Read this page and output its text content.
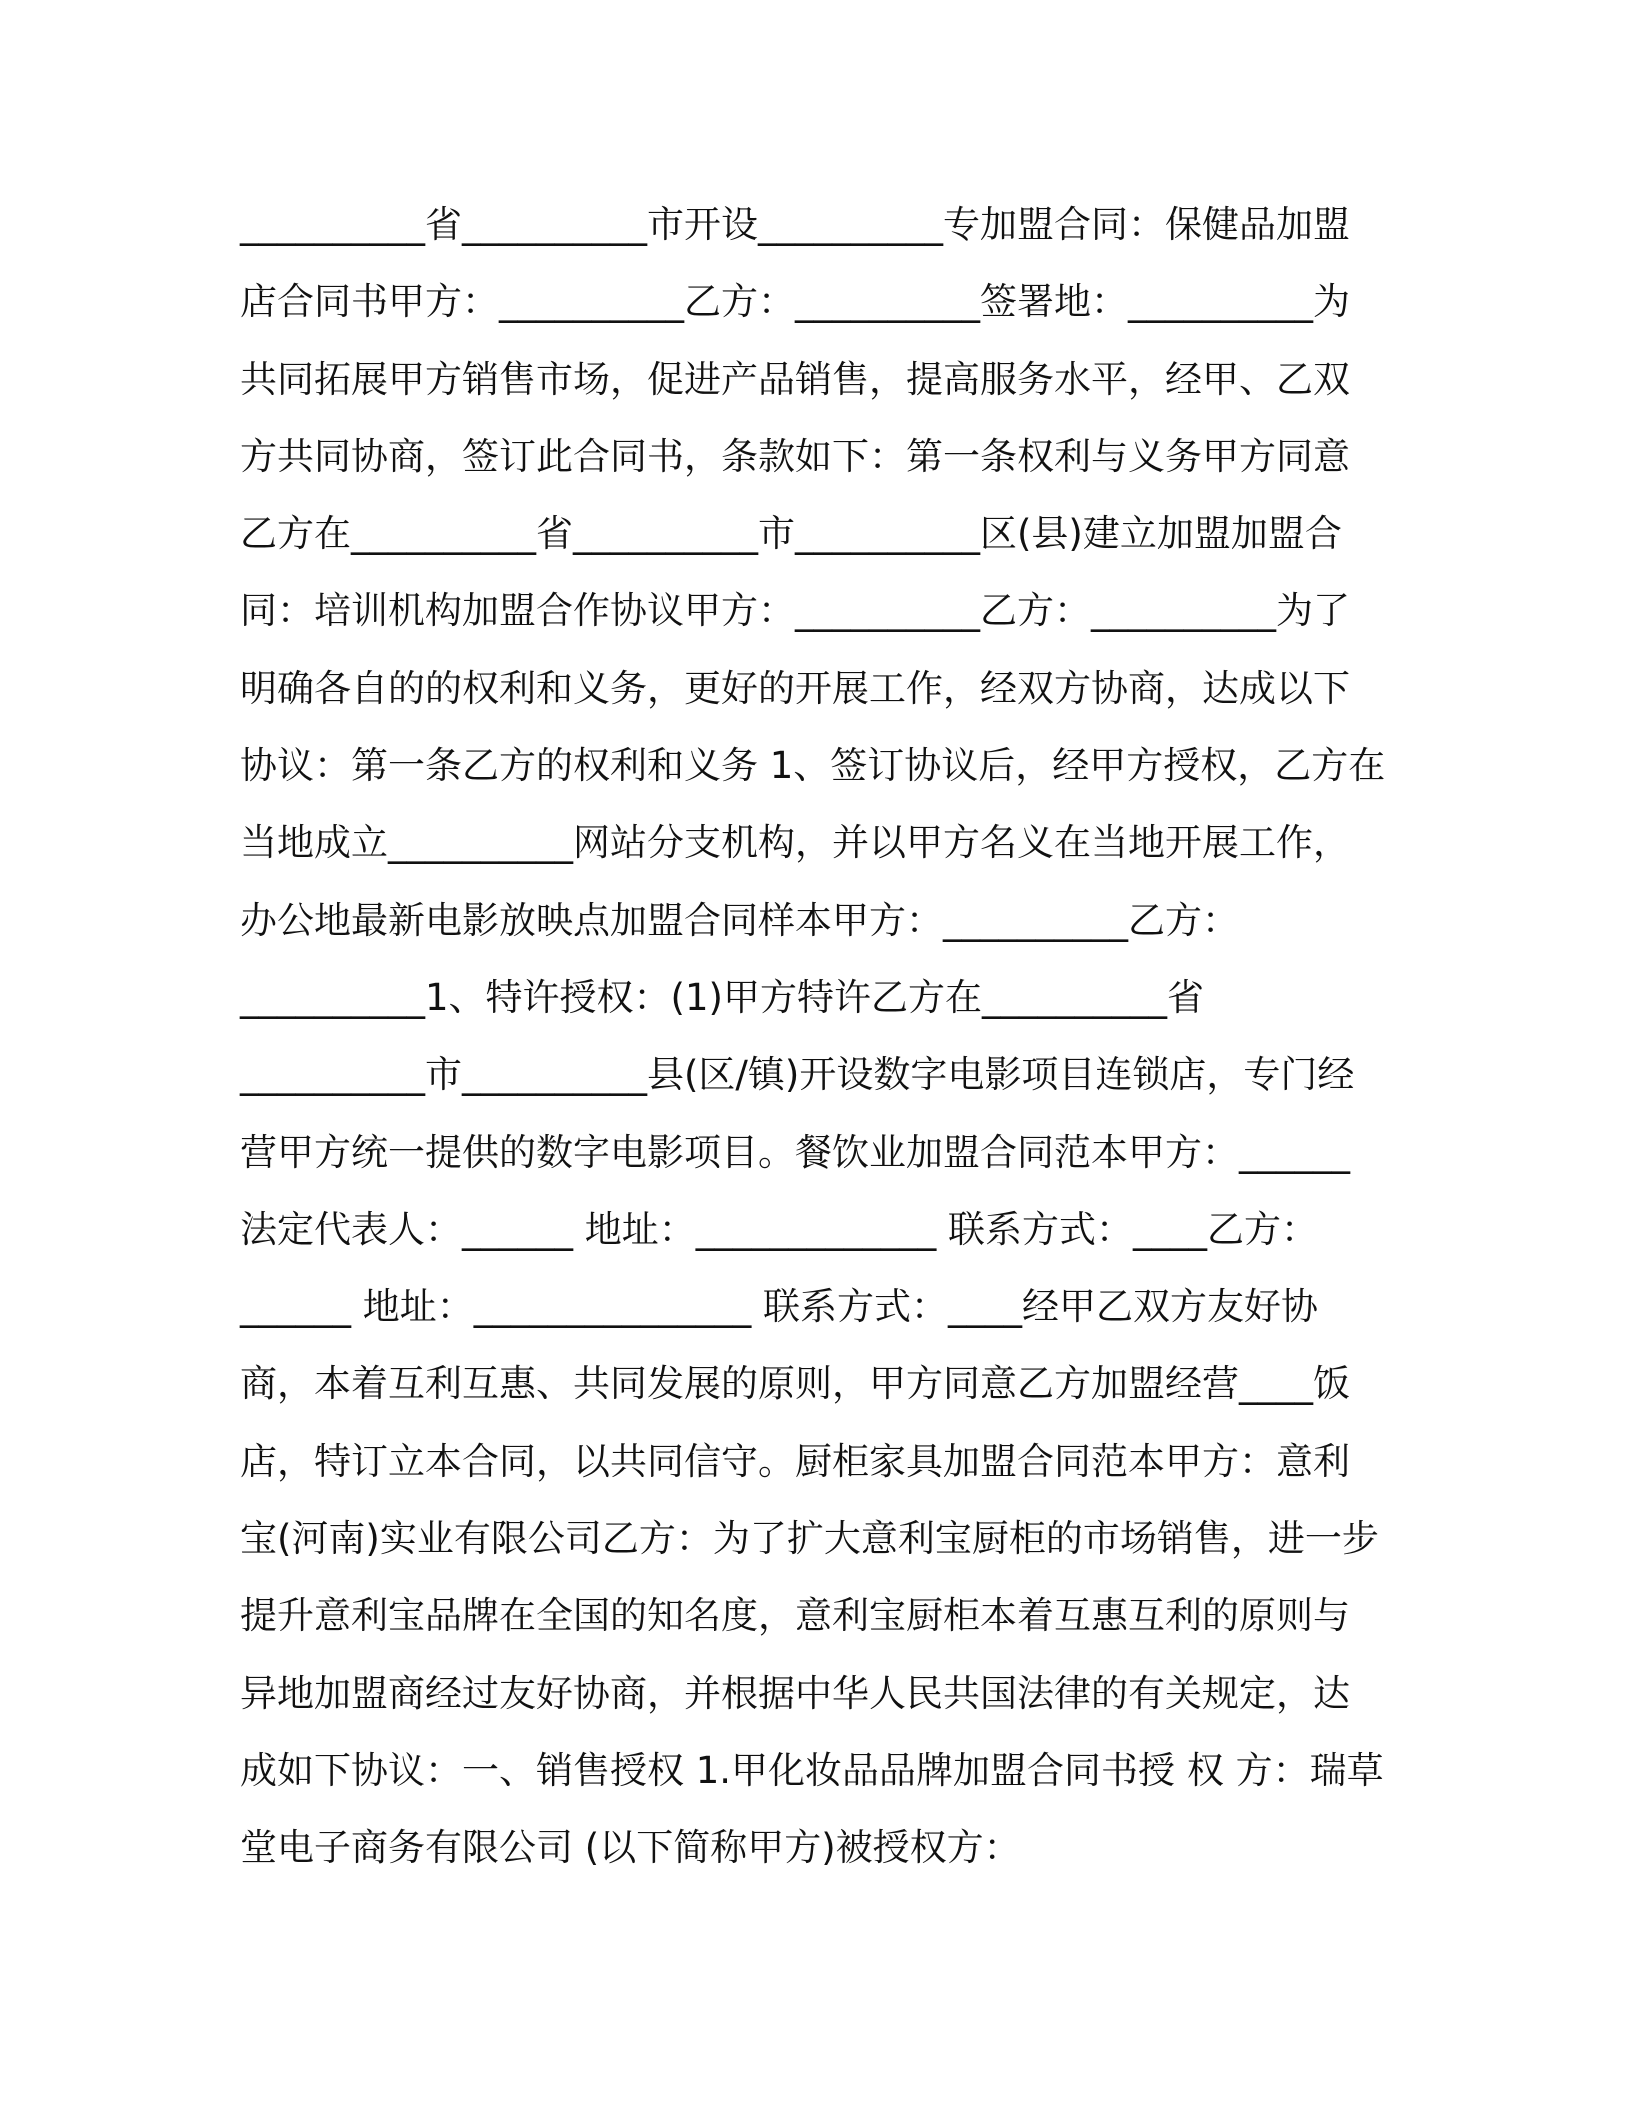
__________省__________市开设__________专加盟合同：保健品加盟
店合同书甲方：__________乙方：__________签署地：__________为
共同拓展甲方销售市场，促进产品销售，提高服务水平，经甲、乙双
方共同协商，签订此合同书，条款如下：第一条权利与义务甲方同意
乙方在__________省__________市__________区(县)建立加盟加盟合
同：培训机构加盟合作协议甲方：__________乙方：__________为了
明确各自的的权利和义务，更好的开展工作，经双方协商，达成以下
协议：第一条乙方的权利和义务 1、签订协议后，经甲方授权，乙方在
当地成立__________网站分支机构，并以甲方名义在当地开展工作，
办公地最新电影放映点加盟合同样本甲方：__________乙方：
__________1、特许授权：(1)甲方特许乙方在__________省
__________市__________县(区/镇)开设数字电影项目连锁店，专门经
营甲方统一提供的数字电影项目。餐饮业加盟合同范本甲方：______
法定代表人：______ 地址：_____________ 联系方式：____乙方：
______ 地址：_______________ 联系方式：____经甲乙双方友好协
商，本着互利互惠、共同发展的原则，甲方同意乙方加盟经营____饭
店，特订立本合同，以共同信守。厨柜家具加盟合同范本甲方：意利
宝(河南)实业有限公司乙方：为了扩大意利宝厨柜的市场销售，进一步
提升意利宝品牌在全国的知名度，意利宝厨柜本着互惠互利的原则与
异地加盟商经过友好协商，并根据中华人民共国法律的有关规定，达
成如下协议：一、销售授权 1.甲化妆品品牌加盟合同书授 权 方：瑞草
堂电子商务有限公司 (以下简称甲方)被授权方：
